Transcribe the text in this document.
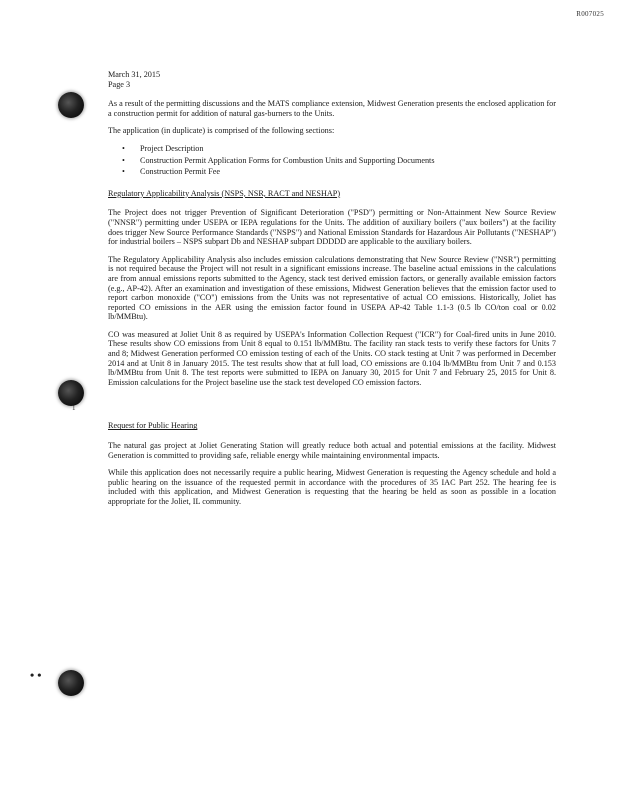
R007025
1
• •
March 31, 2015
Page 3

As a result of the permitting discussions and the MATS compliance extension, Midwest Generation presents the enclosed application for a construction permit for addition of natural gas-burners to the Units.

The application (in duplicate) is comprised of the following sections:

• Project Description
• Construction Permit Application Forms for Combustion Units and Supporting Documents
• Construction Permit Fee
Regulatory Applicability Analysis (NSPS, NSR, RACT and NESHAP)

The Project does not trigger Prevention of Significant Deterioration ("PSD") permitting or Non-Attainment New Source Review ("NNSR") permitting under USEPA or IEPA regulations for the Units. The addition of auxiliary boilers ("aux boilers") at the facility does trigger New Source Performance Standards ("NSPS") and National Emission Standards for Hazardous Air Pollutants ("NESHAP") for industrial boilers – NSPS subpart Db and NESHAP subpart DDDDD are applicable to the auxiliary boilers.

The Regulatory Applicability Analysis also includes emission calculations demonstrating that New Source Review ("NSR") permitting is not required because the Project will not result in a significant emissions increase. The baseline actual emissions in the calculations are from annual emissions reports submitted to the Agency, stack test derived emission factors, or generally available emission factors (e.g., AP-42). After an examination and investigation of these emissions, Midwest Generation believes that the emission factor used to report carbon monoxide ("CO") emissions from the Units was not representative of actual CO emissions. Historically, Joliet has reported CO emissions in the AER using the emission factor found in USEPA AP-42 Table 1.1-3 (0.5 lb CO/ton coal or 0.02 lb/MMBtu).

CO was measured at Joliet Unit 8 as required by USEPA's Information Collection Request ("ICR") for Coal-fired units in June 2010. These results show CO emissions from Unit 8 equal to 0.151 lb/MMBtu. The facility ran stack tests to verify these factors for Units 7 and 8; Midwest Generation performed CO emission testing of each of the Units. CO stack testing at Unit 7 was performed in December 2014 and at Unit 8 in January 2015. The test results show that at full load, CO emissions are 0.104 lb/MMBtu from Unit 7 and 0.153 lb/MMBtu from Unit 8. The test reports were submitted to IEPA on January 30, 2015 for Unit 7 and February 25, 2015 for Unit 8. Emission calculations for the Project baseline use the stack test developed CO emission factors.

Request for Public Hearing

The natural gas project at Joliet Generating Station will greatly reduce both actual and potential emissions at the facility. Midwest Generation is committed to providing safe, reliable energy while maintaining environmental impacts.

While this application does not necessarily require a public hearing, Midwest Generation is requesting the Agency schedule and hold a public hearing on the issuance of the requested permit in accordance with the procedures of 35 IAC Part 252. The hearing fee is included with this application, and Midwest Generation is requesting that the hearing be held as soon as possible in a location appropriate for the Joliet, IL community.
